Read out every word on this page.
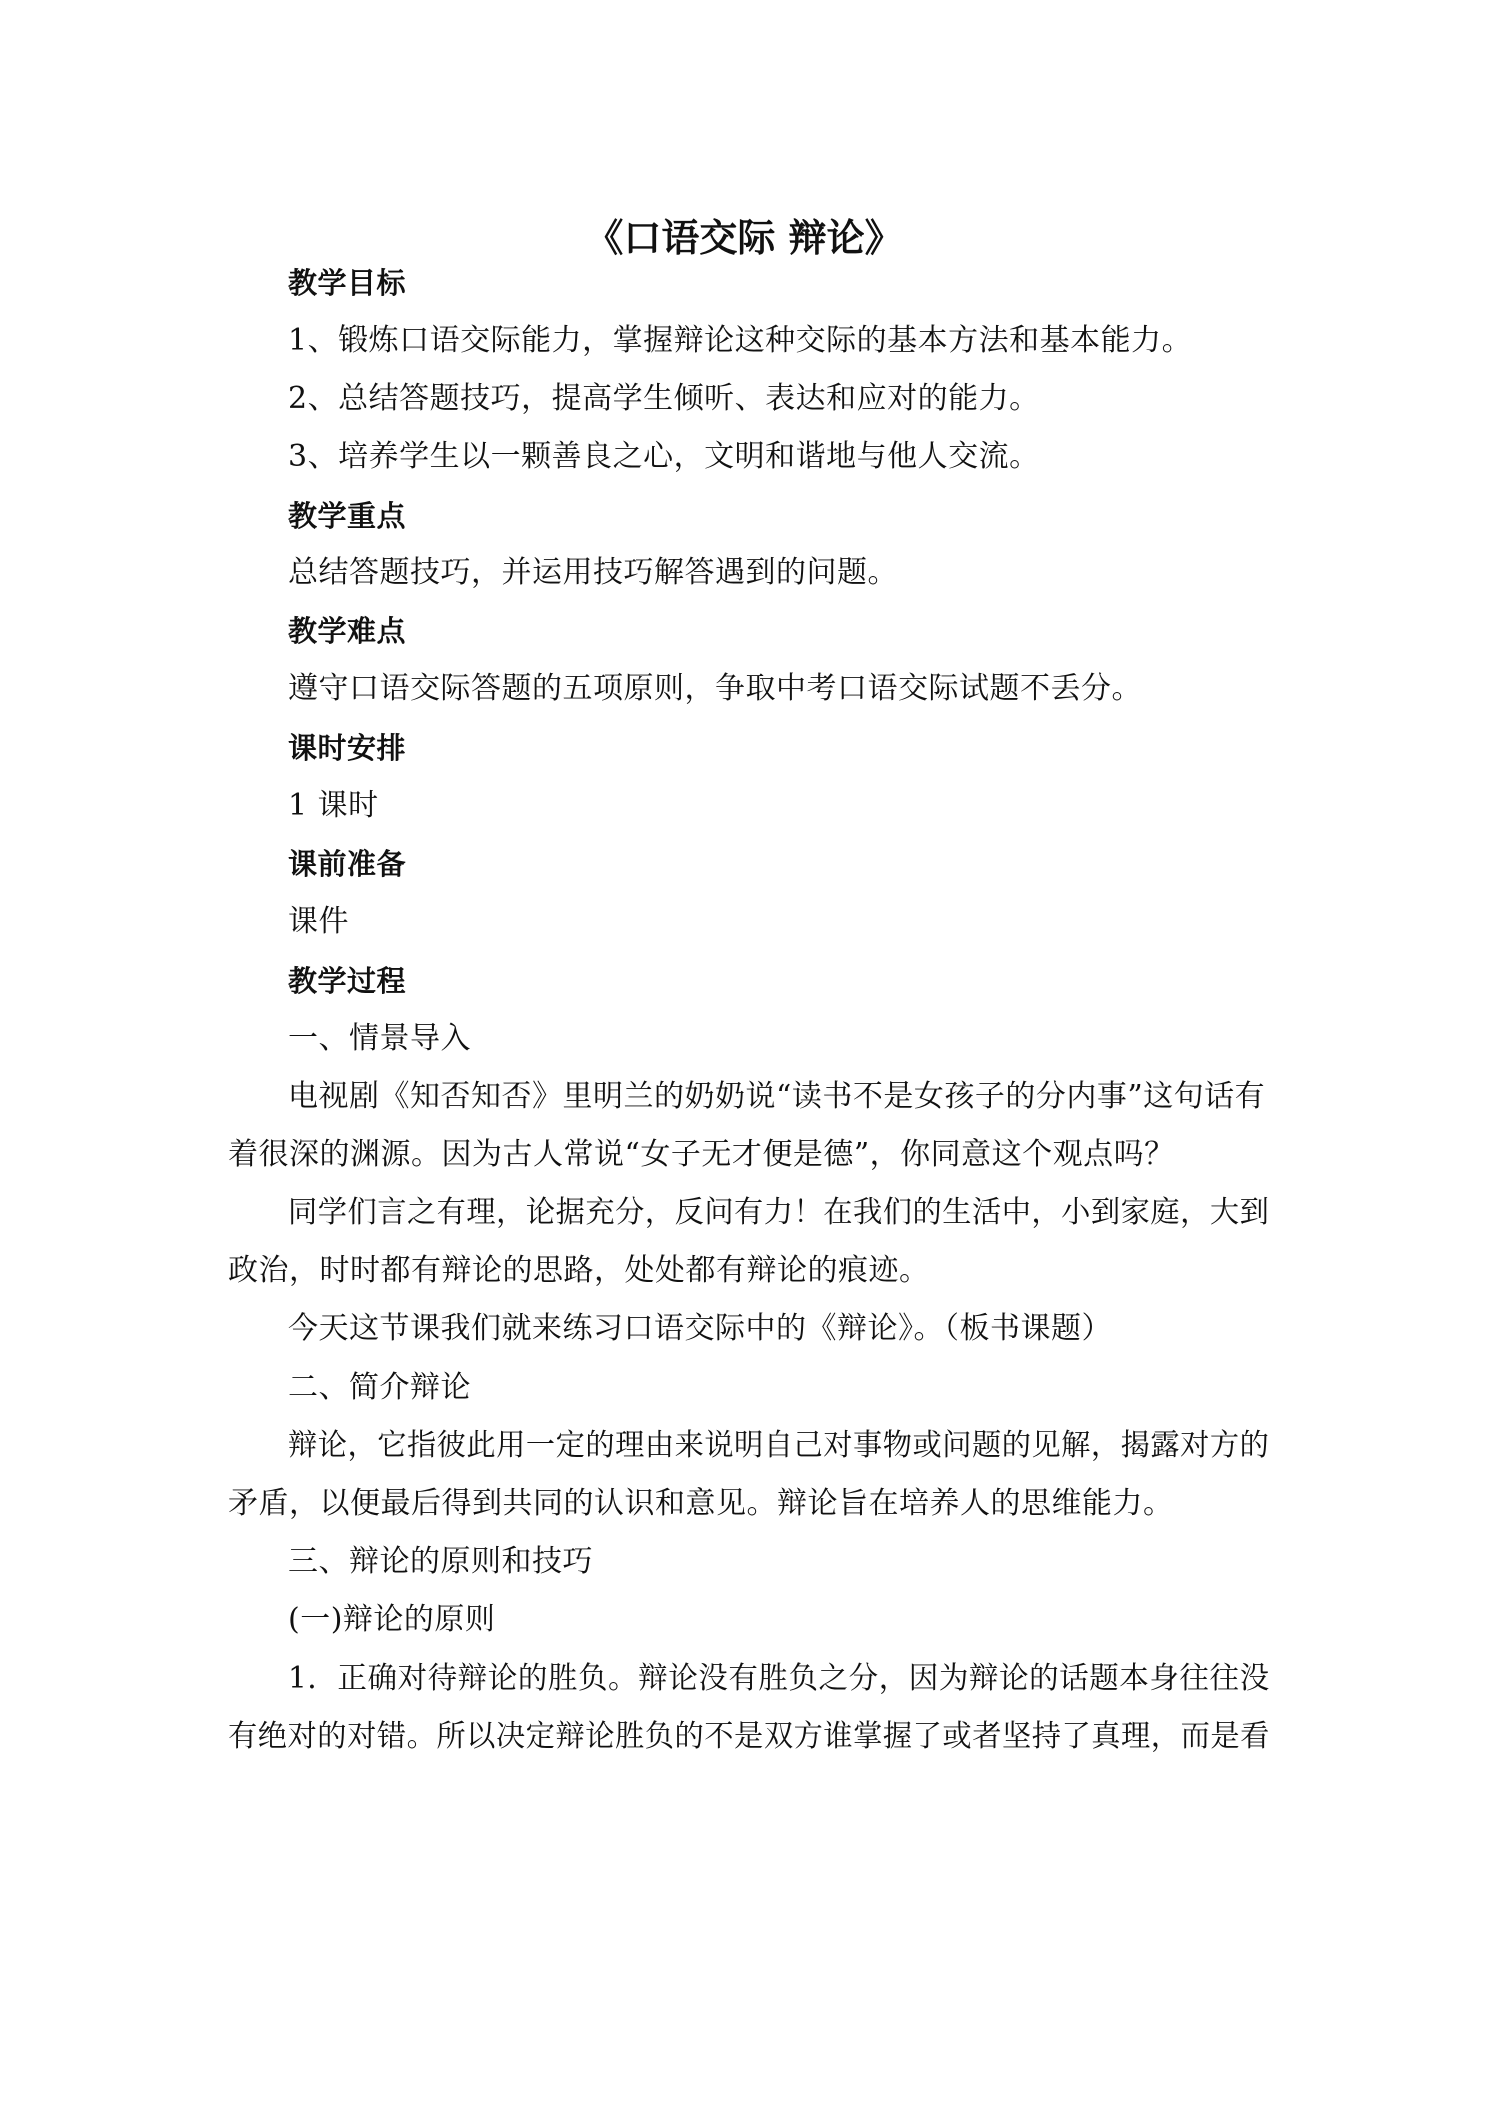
《口语交际 辩论》
教学目标
1、锻炼口语交际能力，掌握辩论这种交际的基本方法和基本能力。
2、总结答题技巧，提高学生倾听、表达和应对的能力。
3、培养学生以一颗善良之心，文明和谐地与他人交流。
教学重点
总结答题技巧，并运用技巧解答遇到的问题。
教学难点
遵守口语交际答题的五项原则，争取中考口语交际试题不丢分。
课时安排
1 课时
课前准备
课件
教学过程
一、情景导入
电视剧《知否知否》里明兰的奶奶说“读书不是女孩子的分内事”这句话有
着很深的渊源。因为古人常说“女子无才便是德”，你同意这个观点吗？
同学们言之有理，论据充分，反问有力！在我们的生活中，小到家庭，大到
政治，时时都有辩论的思路，处处都有辩论的痕迹。
今天这节课我们就来练习口语交际中的《辩论》。（板书课题）
二、简介辩论
辩论，它指彼此用一定的理由来说明自己对事物或问题的见解，揭露对方的
矛盾，以便最后得到共同的认识和意见。辩论旨在培养人的思维能力。
三、辩论的原则和技巧
(一)辩论的原则
1．正确对待辩论的胜负。辩论没有胜负之分，因为辩论的话题本身往往没
有绝对的对错。所以决定辩论胜负的不是双方谁掌握了或者坚持了真理，而是看
